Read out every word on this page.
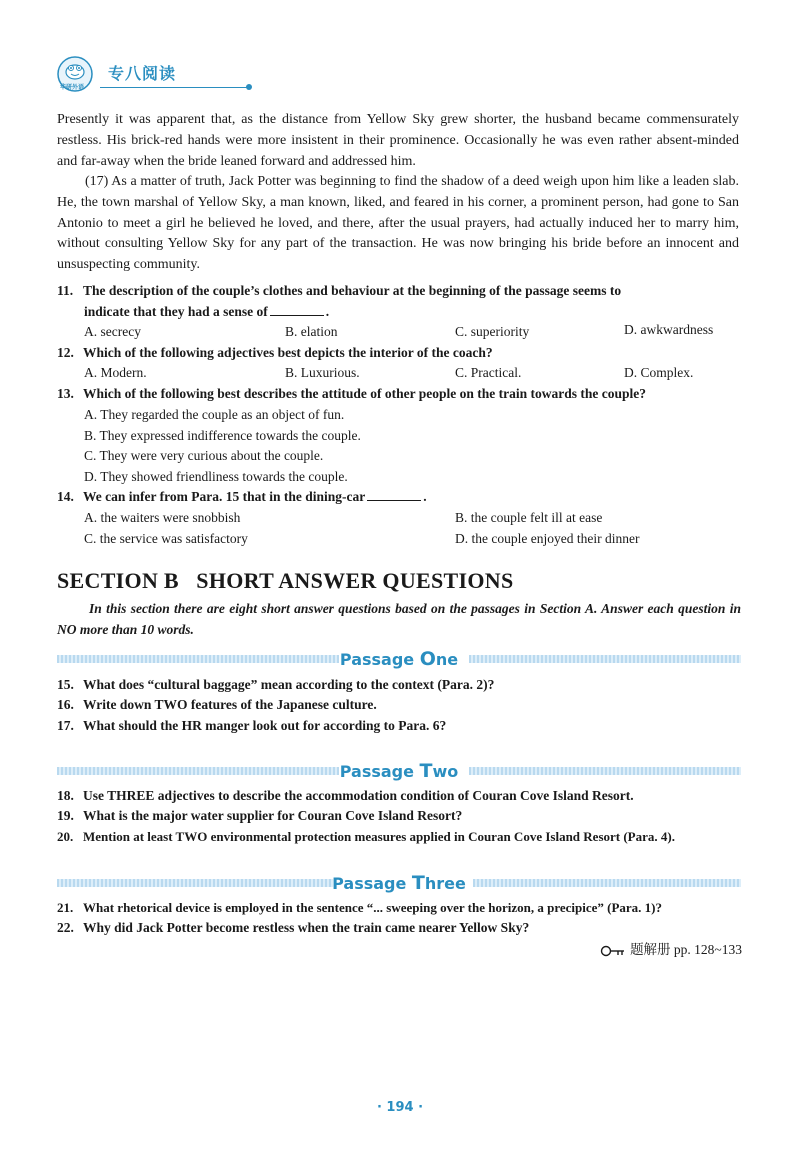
华研外语
专八阅读

Presently it was apparent that, as the distance from Yellow Sky grew shorter, the husband became commensurately restless. His brick-red hands were more insistent in their prominence. Occasionally he was even rather absent-minded and far-away when the bride leaned forward and addressed him.

(17) As a matter of truth, Jack Potter was beginning to find the shadow of a deed weigh upon him like a leaden slab. He, the town marshal of Yellow Sky, a man known, liked, and feared in his corner, a prominent person, had gone to San Antonio to meet a girl he believed he loved, and there, after the usual prayers, had actually induced her to marry him, without consulting Yellow Sky for any part of the transaction. He was now bringing his bride before an innocent and unsuspecting community.

11. The description of the couple’s clothes and behaviour at the beginning of the passage seems to

indicate that they had a sense of	.

A. secrecy	B. elation	C. superiority	D. awkwardness

12. Which of the following adjectives best depicts the interior of the coach?

A. Modern.	B. Luxurious.	C. Practical.	D. Complex.

13. Which of the following best describes the attitude of other people on the train towards the couple?

A. They regarded the couple as an object of fun.
B. They expressed indifference towards the couple.
C. They were very curious about the couple.
D. They showed friendliness towards the couple.

14. We can infer from Para. 15 that in the dining-car	.

A. the waiters were snobbish	B. the couple felt ill at ease
C. the service was satisfactory	D. the couple enjoyed their dinner
SECTION B   SHORT ANSWER QUESTIONS

In this section there are eight short answer questions based on the passages in Section A. Answer each question in NO more than 10 words.

Passage One

15. What does “cultural baggage” mean according to the context (Para. 2)?

16. Write down TWO features of the Japanese culture.

17. What should the HR manger look out for according to Para. 6?

Passage Two

18. Use THREE adjectives to describe the accommodation condition of Couran Cove Island Resort.

19. What is the major water supplier for Couran Cove Island Resort?

20. Mention at least TWO environmental protection measures applied in Couran Cove Island Resort (Para. 4).

Passage Three

21. What rhetorical device is employed in the sentence “... sweeping over the horizon, a precipice” (Para. 1)?

22. Why did Jack Potter become restless when the train came nearer Yellow Sky?

题解册 pp. 128~133
· 194 ·
